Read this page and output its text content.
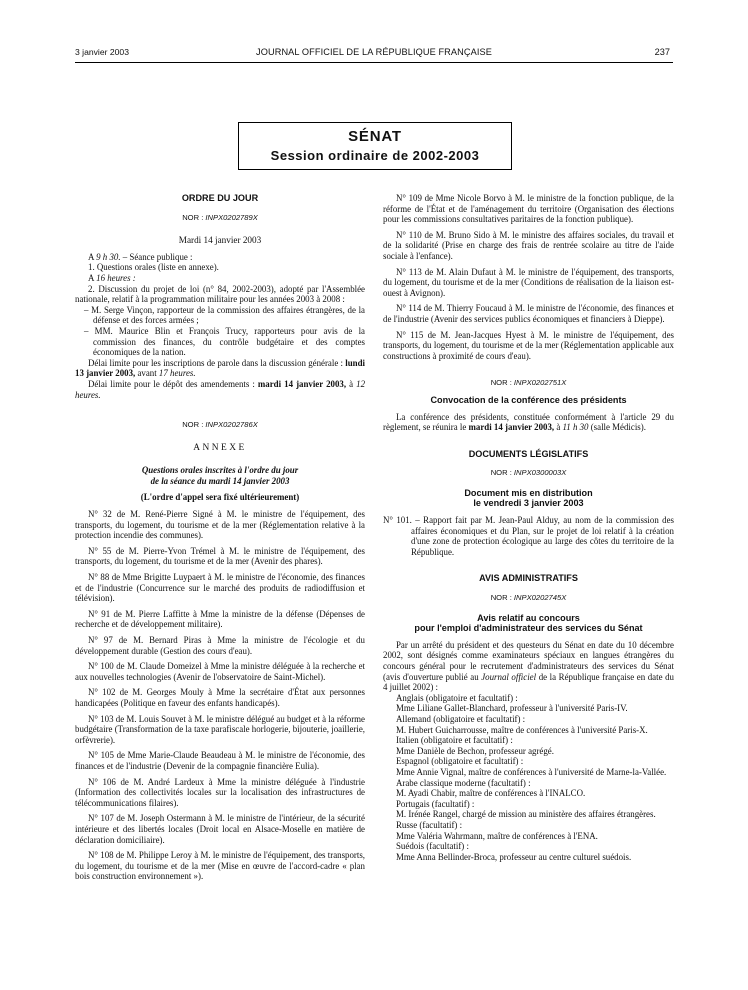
3 janvier 2003	JOURNAL OFFICIEL DE LA RÉPUBLIQUE FRANÇAISE	237
SÉNAT
Session ordinaire de 2002-2003
ORDRE DU JOUR
NOR : INPX0202789X
Mardi 14 janvier 2003

A 9 h 30. – Séance publique :

1. Questions orales (liste en annexe).

A 16 heures :

2. Discussion du projet de loi (n° 84, 2002-2003), adopté par l'Assemblée nationale, relatif à la programmation militaire pour les années 2003 à 2008 :

– M. Serge Vinçon, rapporteur de la commission des affaires étrangères, de la défense et des forces armées ;

– MM. Maurice Blin et François Trucy, rapporteurs pour avis de la commission des finances, du contrôle budgétaire et des comptes économiques de la nation.

Délai limite pour les inscriptions de parole dans la discussion générale : lundi 13 janvier 2003, avant 17 heures.

Délai limite pour le dépôt des amendements : mardi 14 janvier 2003, à 12 heures.

NOR : INPX0202786X
ANNEXE
Questions orales inscrites à l'ordre du jour
de la séance du mardi 14 janvier 2003
(L'ordre d'appel sera fixé ultérieurement)

N° 32 de M. René-Pierre Signé à M. le ministre de l'équipement, des transports, du logement, du tourisme et de la mer (Réglementation relative à la protection incendie des communes).

N° 55 de M. Pierre-Yvon Trémel à M. le ministre de l'équipement, des transports, du logement, du tourisme et de la mer (Avenir des phares).

N° 88 de Mme Brigitte Luypaert à M. le ministre de l'économie, des finances et de l'industrie (Concurrence sur le marché des produits de radiodiffusion et télévision).

N° 91 de M. Pierre Laffitte à Mme la ministre de la défense (Dépenses de recherche et de développement militaire).

N° 97 de M. Bernard Piras à Mme la ministre de l'écologie et du développement durable (Gestion des cours d'eau).

N° 100 de M. Claude Domeizel à Mme la ministre déléguée à la recherche et aux nouvelles technologies (Avenir de l'observatoire de Saint-Michel).

N° 102 de M. Georges Mouly à Mme la secrétaire d'État aux personnes handicapées (Politique en faveur des enfants handicapés).

N° 103 de M. Louis Souvet à M. le ministre délégué au budget et à la réforme budgétaire (Transformation de la taxe parafiscale horlogerie, bijouterie, joaillerie, orfèvrerie).

N° 105 de Mme Marie-Claude Beaudeau à M. le ministre de l'économie, des finances et de l'industrie (Devenir de la compagnie financière Eulia).

N° 106 de M. André Lardeux à Mme la ministre déléguée à l'industrie (Information des collectivités locales sur la localisation des infrastructures de télécommunications filaires).

N° 107 de M. Joseph Ostermann à M. le ministre de l'intérieur, de la sécurité intérieure et des libertés locales (Droit local en Alsace-Moselle en matière de déclaration domiciliaire).

N° 108 de M. Philippe Leroy à M. le ministre de l'équipement, des transports, du logement, du tourisme et de la mer (Mise en œuvre de l'accord-cadre « plan bois construction environnement »).

N° 109 de Mme Nicole Borvo à M. le ministre de la fonction publique, de la réforme de l'État et de l'aménagement du territoire (Organisation des élections pour les commissions consultatives paritaires de la fonction publique).

N° 110 de M. Bruno Sido à M. le ministre des affaires sociales, du travail et de la solidarité (Prise en charge des frais de rentrée scolaire au titre de l'aide sociale à l'enfance).

N° 113 de M. Alain Dufaut à M. le ministre de l'équipement, des transports, du logement, du tourisme et de la mer (Conditions de réalisation de la liaison est-ouest à Avignon).

N° 114 de M. Thierry Foucaud à M. le ministre de l'économie, des finances et de l'industrie (Avenir des services publics économiques et financiers à Dieppe).

N° 115 de M. Jean-Jacques Hyest à M. le ministre de l'équipement, des transports, du logement, du tourisme et de la mer (Réglementation applicable aux constructions à proximité de cours d'eau).

NOR : INPX0202751X
Convocation de la conférence des présidents

La conférence des présidents, constituée conformément à l'article 29 du règlement, se réunira le mardi 14 janvier 2003, à 11 h 30 (salle Médicis).

DOCUMENTS LÉGISLATIFS
NOR : INPX0300003X
Document mis en distribution
le vendredi 3 janvier 2003

N° 101. – Rapport fait par M. Jean-Paul Alduy, au nom de la commission des affaires économiques et du Plan, sur le projet de loi relatif à la création d'une zone de protection écologique au large des côtes du territoire de la République.

AVIS ADMINISTRATIFS
NOR : INPX0202745X
Avis relatif au concours
pour l'emploi d'administrateur des services du Sénat

Par un arrêté du président et des questeurs du Sénat en date du 10 décembre 2002, sont désignés comme examinateurs spéciaux en langues étrangères du concours général pour le recrutement d'administrateurs des services du Sénat (avis d'ouverture publié au Journal officiel de la République française en date du 4 juillet 2002) :

Anglais (obligatoire et facultatif) :

Mme Liliane Gallet-Blanchard, professeur à l'université Paris-IV.

Allemand (obligatoire et facultatif) :

M. Hubert Guicharrousse, maître de conférences à l'université Paris-X.

Italien (obligatoire et facultatif) :

Mme Danièle de Bechon, professeur agrégé.

Espagnol (obligatoire et facultatif) :

Mme Annie Vignal, maître de conférences à l'université de Marne-la-Vallée.

Arabe classique moderne (facultatif) :

M. Ayadi Chabir, maître de conférences à l'INALCO.

Portugais (facultatif) :

M. Irénée Rangel, chargé de mission au ministère des affaires étrangères.

Russe (facultatif) :

Mme Valéria Wahrmann, maître de conférences à l'ENA.

Suédois (facultatif) :

Mme Anna Bellinder-Broca, professeur au centre culturel suédois.
